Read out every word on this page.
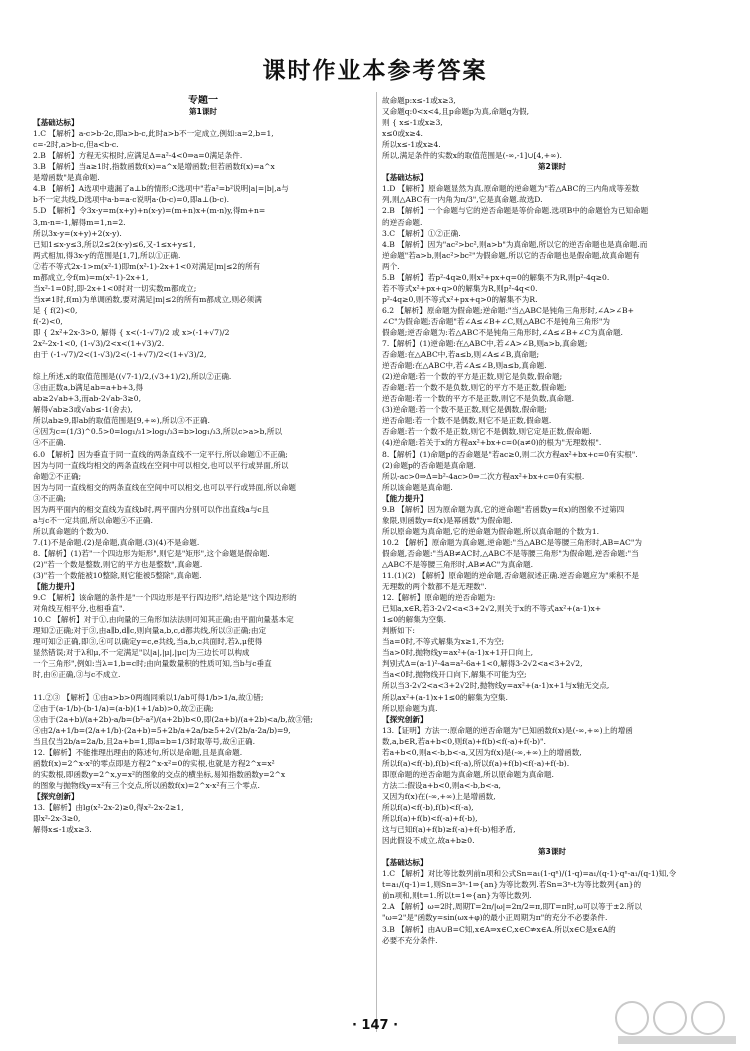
课时作业本参考答案
专题一
第1课时
【基础达标】
1.C 【解析】a-c>b-2c,即a>b-c,此时a>b不一定成立,例如:a=2,b=1,
c=-2时,a>b-c,但a<b-c.
2.B 【解析】方程无实根时,应满足Δ=a²-4<0⇒a=0满足条件.
3.B 【解析】当a≥1时,指数函数f(x)=a^x是增函数;但若函数f(x)=a^x
是增函数"是真命题.
4.B 【解析】A选项中遗漏了a⊥b的情形;C选项中"若a²=b²说明|a|=|b|,a与
b不一定共线,D选项中a·b=a·c说明a·(b-c)=0,即a⊥(b-c).
5.D 【解析】令3x-y=m(x+y)+n(x-y)=(m+n)x+(m-n)y,得m+n=
3,m-n=-1,解得m=1,n=2.
所以3x-y=(x+y)+2(x-y).
已知1≤x-y≤3,所以2≤2(x-y)≤6,又-1≤x+y≤1,
两式相加,得3x-y的范围是[1,7],所以①正确.
②若不等式2x-1>m(x²-1)即m(x²-1)-2x+1<0对满足|m|≤2的所有
m都成立,令f(m)=m(x²-1)-2x+1,
当x²-1=0时,即-2x+1<0时对一切实数m都成立;
当x≠1时,f(m)为单调函数,要对满足|m|≤2的所有m都成立,则必须满
足 { f(2)<0,
f(-2)<0,
即 { 2x²+2x-3>0, 解得 { x<(-1-√7)/2 或 x>(-1+√7)/2
2x²-2x-1<0, (1-√3)/2<x<(1+√3)/2.
由于 (-1-√7)/2<(1-√3)/2<(-1+√7)/2<(1+√3)/2,
综上所述,x的取值范围是((√7-1)/2,(√3+1)/2),所以②正确.
③由正数a,b满足ab=a+b+3,得
ab≥2√ab+3,而ab-2√ab-3≥0,
解得√ab≥3或√ab≤-1(舍去),
所以ab≥9,即ab的取值范围是[9,+∞),所以③不正确.
④因为c=(1/3)^0.5>0=log₁/₃1>log₁/₃3=b>log₁/₃3,所以c>a>b,所以
④不正确.
6.0 【解析】因为垂直于同一直线的两条直线不一定平行,所以命题①不正确;
因为与同一直线均相交的两条直线在空间中可以相交,也可以平行或异面,所以
命题②不正确;
因为与同一直线相交的两条直线在空间中可以相交,也可以平行或异面,所以命题
③不正确;
因为两平面内的相交直线为直线b时,两平面内分别可以作出直线a与c且
a与c不一定共面,所以命题④不正确.
所以真命题的个数为0.
7.(1)不是命题.(2)是命题,真命题.(3)(4)不是命题.
8.【解析】(1)若"一个四边形为矩形",则它是"矩形",这个命题是假命题.
(2)"若一个数是整数,则它的平方也是整数",真命题.
(3)"若一个数能被10整除,则它能被5整除",真命题.
【能力提升】
9.C 【解析】该命题的条件是"一个四边形是平行四边形",结论是"这个四边形的
对角线互相平分,也相垂直".
10.C 【解析】对于①,由向量的三角形加法法则可知其正确;由平面向量基本定
理知②正确;对于③,由a∥b,d∥c,则向量a,b,c,d都共线,所以③正确;由定
理可知②正确,即③,④可以确定y=c,e共线,当a,b,c共面时,若λ,μ使得
显然错误;对于λ和μ,不一定满足"以|a|,|μ|,|μc|为三边长可以构成
一个三角形",例如:当λ=1,b=c时;由向量数量积的性质可知,当b与c垂直
时,由⑥正确,③与c不成立.
11.②③ 【解析】①由a>b>0两端同乘以1/ab可得1/b>1/a,故①错;
②由于(a-1/b)-(b-1/a)=(a-b)(1+1/ab)>0,故②正确;
③由于(2a+b)/(a+2b)-a/b=(b²-a²)/(a+2b)b<0,即(2a+b)/(a+2b)<a/b,故③错;
④由2/a+1/b=(2/a+1/b)·(2a+b)=5+2b/a+2a/b≥5+2√(2b/a·2a/b)=9,
当且仅当2b/a=2a/b,且2a+b=1,即a=b=1/3时取等号,故④正确.
12.【解析】不能推理出理由的陈述句,所以是命题,且是真命题.
函数f(x)=2^x-x²的零点即是方程2^x-x²=0的实根,也就是方程2^x=x²
的实数根,即函数y=2^x,y=x²的图象的交点的横坐标,易知指数函数y=2^x
的图象与抛物线y=x²有三个交点,所以函数f(x)=2^x-x²有三个零点.
【探究创新】
13.【解析】由lg(x²-2x-2)≥0,得x²-2x-2≥1,
即x²-2x-3≥0,
解得x≤-1或x≥3.
故命题p:x≤-1或x≥3,
又命题q:0<x<4,且p命题p为真,命题q为假,
则 { x≤-1或x≥3,
x≤0或x≥4.
所以x≤-1或x≥4.
所以,满足条件的实数x的取值范围是(-∞,-1]∪[4,+∞).
第2课时
【基础达标】
1.D 【解析】原命题显然为真,原命题的逆命题为"若△ABC的三内角成等差数
列,则△ABC有一内角为π/3",它是真命题.故选D.
2.B 【解析】一个命题与它的逆否命题是等价命题.选项B中的命题恰为已知命题
的逆否命题.
3.C 【解析】①②正确.
4.B 【解析】因为"ac²>bc²,则a>b"为真命题,所以它的逆否命题也是真命题.而
逆命题"若a>b,则ac²>bc²"为假命题,所以它的否命题也是假命题,故真命题有
两个.
5.B 【解析】若p²-4q≥0,则x²+px+q=0的解集不为R,则p²-4q≥0.
若不等式x²+px+q>0的解集为R,则p²-4q<0.
p²-4q≥0,则不等式x²+px+q>0的解集不为R.
6.2 【解析】原命题为假命题;逆命题:"当△ABC是钝角三角形时,∠A>∠B+
∠C"为假命题;否命题"若∠A≤∠B+∠C,则△ABC不是钝角三角形"为
假命题;逆否命题为:若△ABC不是钝角三角形时,∠A≤∠B+∠C为真命题.
7.【解析】(1)逆命题:在△ABC中,若∠A>∠B,则a>b,真命题;
否命题:在△ABC中,若a≤b,则∠A≤∠B,真命题;
逆否命题:在△ABC中,若∠A≤∠B,则a≤b,真命题.
(2)逆命题:若一个数的平方是正数,则它是负数,假命题;
否命题:若一个数不是负数,则它的平方不是正数,假命题;
逆否命题:若一个数的平方不是正数,则它不是负数,真命题.
(3)逆命题:若一个数不是正数,则它是偶数,假命题;
逆否命题:若一个数不是偶数,则它不是正数,假命题.
否命题:若一个数不是正数,则它不是偶数,则它定是正数,假命题.
(4)逆命题:若关于x的方程ax²+bx+c=0(a≠0)的根为"无理数根".
8.【解析】(1)命题p的否命题是"若ac≥0,则二次方程ax²+bx+c=0有实根".
(2)命题p的否命题是真命题.
所以-ac>0⇒Δ=b²-4ac>0⇒二次方程ax²+bx+c=0有实根.
所以该命题是真命题.
【能力提升】
9.B 【解析】因为原命题为真,它的逆命题"若函数y=f(x)的图象不过第四
象限,则函数y=f(x)是幂函数"为假命题.
所以原命题为真命题,它的逆命题为假命题,所以真命题的个数为1.
10.2 【解析】原命题为真命题,逆命题:"当△ABC是等腰三角形时,AB=AC"为
假命题,否命题:"当AB≠AC时,△ABC不是等腰三角形"为假命题,逆否命题:"当
△ABC不是等腰三角形时,AB≠AC"为真命题.
11.(1)(2) 【解析】原命题的逆命题,否命题叙述正确.逆否命题应为"乘积不是
无理数的两个数都不是无理数".
12.【解析】原命题的逆否命题为:
已知a,x∈R,若3-2√2<a<3+2√2,则关于x的不等式ax²+(a-1)x+
1≤0的解集为空集.
判断如下:
当a=0时,不等式解集为x≥1,不为空;
当a>0时,抛物线y=ax²+(a-1)x+1开口向上,
判别式Δ=(a-1)²-4a=a²-6a+1<0,解得3-2√2<a<3+2√2,
当a<0时,抛物线开口向下,解集不可能为空;
所以当3-2√2<a<3+2√2时,抛物线y=ax²+(a-1)x+1与x轴无交点,
所以ax²+(a-1)x+1≤0的解集为空集.
所以原命题为真.
【探究创新】
13.【证明】方法一:原命题的逆否命题为"已知函数f(x)是(-∞,+∞)上的增函
数,a,b∈R,若a+b<0,则f(a)+f(b)<f(-a)+f(-b)".
若a+b<0,则a<-b,b<-a,又因为f(x)是(-∞,+∞)上的增函数,
所以f(a)<f(-b),f(b)<f(-a),所以f(a)+f(b)<f(-a)+f(-b).
即原命题的逆否命题为真命题,所以原命题为真命题.
方法二:假设a+b<0,则a<-b,b<-a,
又因为f(x)在(-∞,+∞)上是增函数,
所以f(a)<f(-b),f(b)<f(-a),
所以f(a)+f(b)<f(-a)+f(-b),
这与已知f(a)+f(b)≥f(-a)+f(-b)相矛盾,
因此假设不成立,故a+b≥0.
第3课时
【基础达标】
1.C 【解析】对比等比数列前n项和公式Sn=a₁(1-qⁿ)/(1-q)=a₁/(q-1)·qⁿ-a₁/(q-1)知,令
t=a₁/(q-1)=1,则Sn=3ⁿ-1⇒{an}为等比数列.若Sn=3ⁿ-t为等比数列{an}的
前n项和,则t=1.所以t=1⇔{an}为等比数列.
2.A 【解析】ω=2时,周期T=2π/|ω|=2π/2=π,即T=π时,ω可以等于±2.所以
"ω=2"是"函数y=sin(ωx+φ)的最小正周期为π"的充分不必要条件.
3.B 【解析】由A∪B=C知,x∈A⇒x∈C,x∈C⇏x∈A.所以x∈C是x∈A的
必要不充分条件.
· 147 ·
